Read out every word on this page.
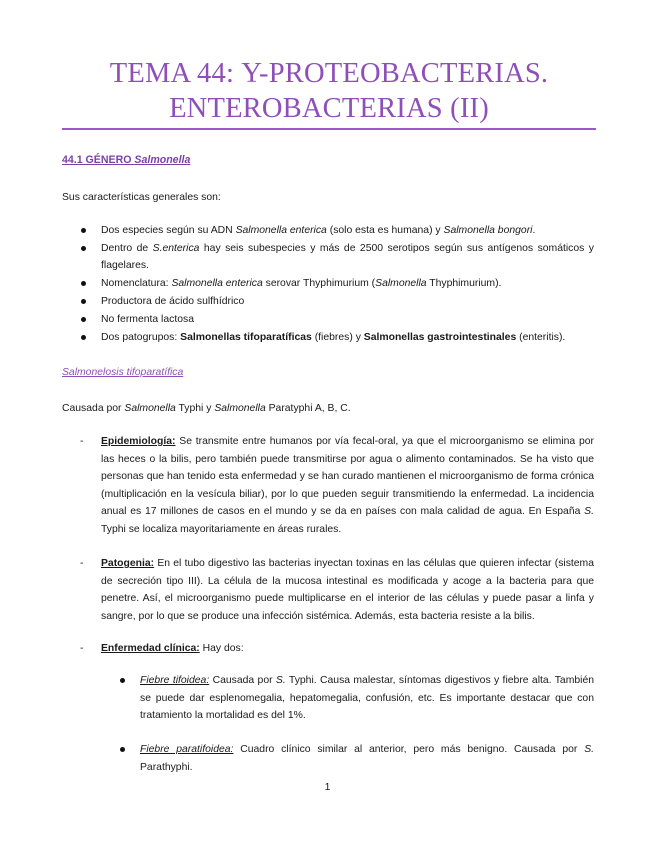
TEMA 44: Υ-PROTEOBACTERIAS.
ENTEROBACTERIAS (II)
44.1 GÉNERO Salmonella
Sus características generales son:
Dos especies según su ADN Salmonella enterica (solo esta es humana) y Salmonella bongori.
Dentro de S.enterica hay seis subespecies y más de 2500 serotipos según sus antígenos somáticos y
flagelares.
Nomenclatura: Salmonella enterica serovar Thyphimurium (Salmonella Thyphimurium).
Productora de ácido sulfhídrico
No fermenta lactosa
Dos patogrupos: Salmonellas tifoparatíficas (fiebres) y Salmonellas gastrointestinales (enteritis).
Salmonelosis tifoparatífica
Causada por Salmonella Typhi y Salmonella Paratyphi A, B, C.
- Epidemiología: Se transmite entre humanos por vía fecal-oral, ya que el microorganismo se elimina por las heces o la bilis, pero también puede transmitirse por agua o alimento contaminados. Se ha visto que personas que han tenido esta enfermedad y se han curado mantienen el microorganismo de forma crónica (multiplicación en la vesícula biliar), por lo que pueden seguir transmitiendo la enfermedad. La incidencia anual es 17 millones de casos en el mundo y se da en países con mala calidad de agua. En España S. Typhi se localiza mayoritariamente en áreas rurales.
- Patogenia: En el tubo digestivo las bacterias inyectan toxinas en las células que quieren infectar (sistema de secreción tipo III). La célula de la mucosa intestinal es modificada y acoge a la bacteria para que penetre. Así, el microorganismo puede multiplicarse en el interior de las células y puede pasar a linfa y sangre, por lo que se produce una infección sistémica. Además, esta bacteria resiste a la bilis.
- Enfermedad clínica: Hay dos:
Fiebre tifoidea: Causada por S. Typhi. Causa malestar, síntomas digestivos y fiebre alta. También se puede dar esplenomegalia, hepatomegalia, confusión, etc. Es importante destacar que con tratamiento la mortalidad es del 1%.
Fiebre paratifoidea: Cuadro clínico similar al anterior, pero más benigno. Causada por S. Parathyphi.
1
